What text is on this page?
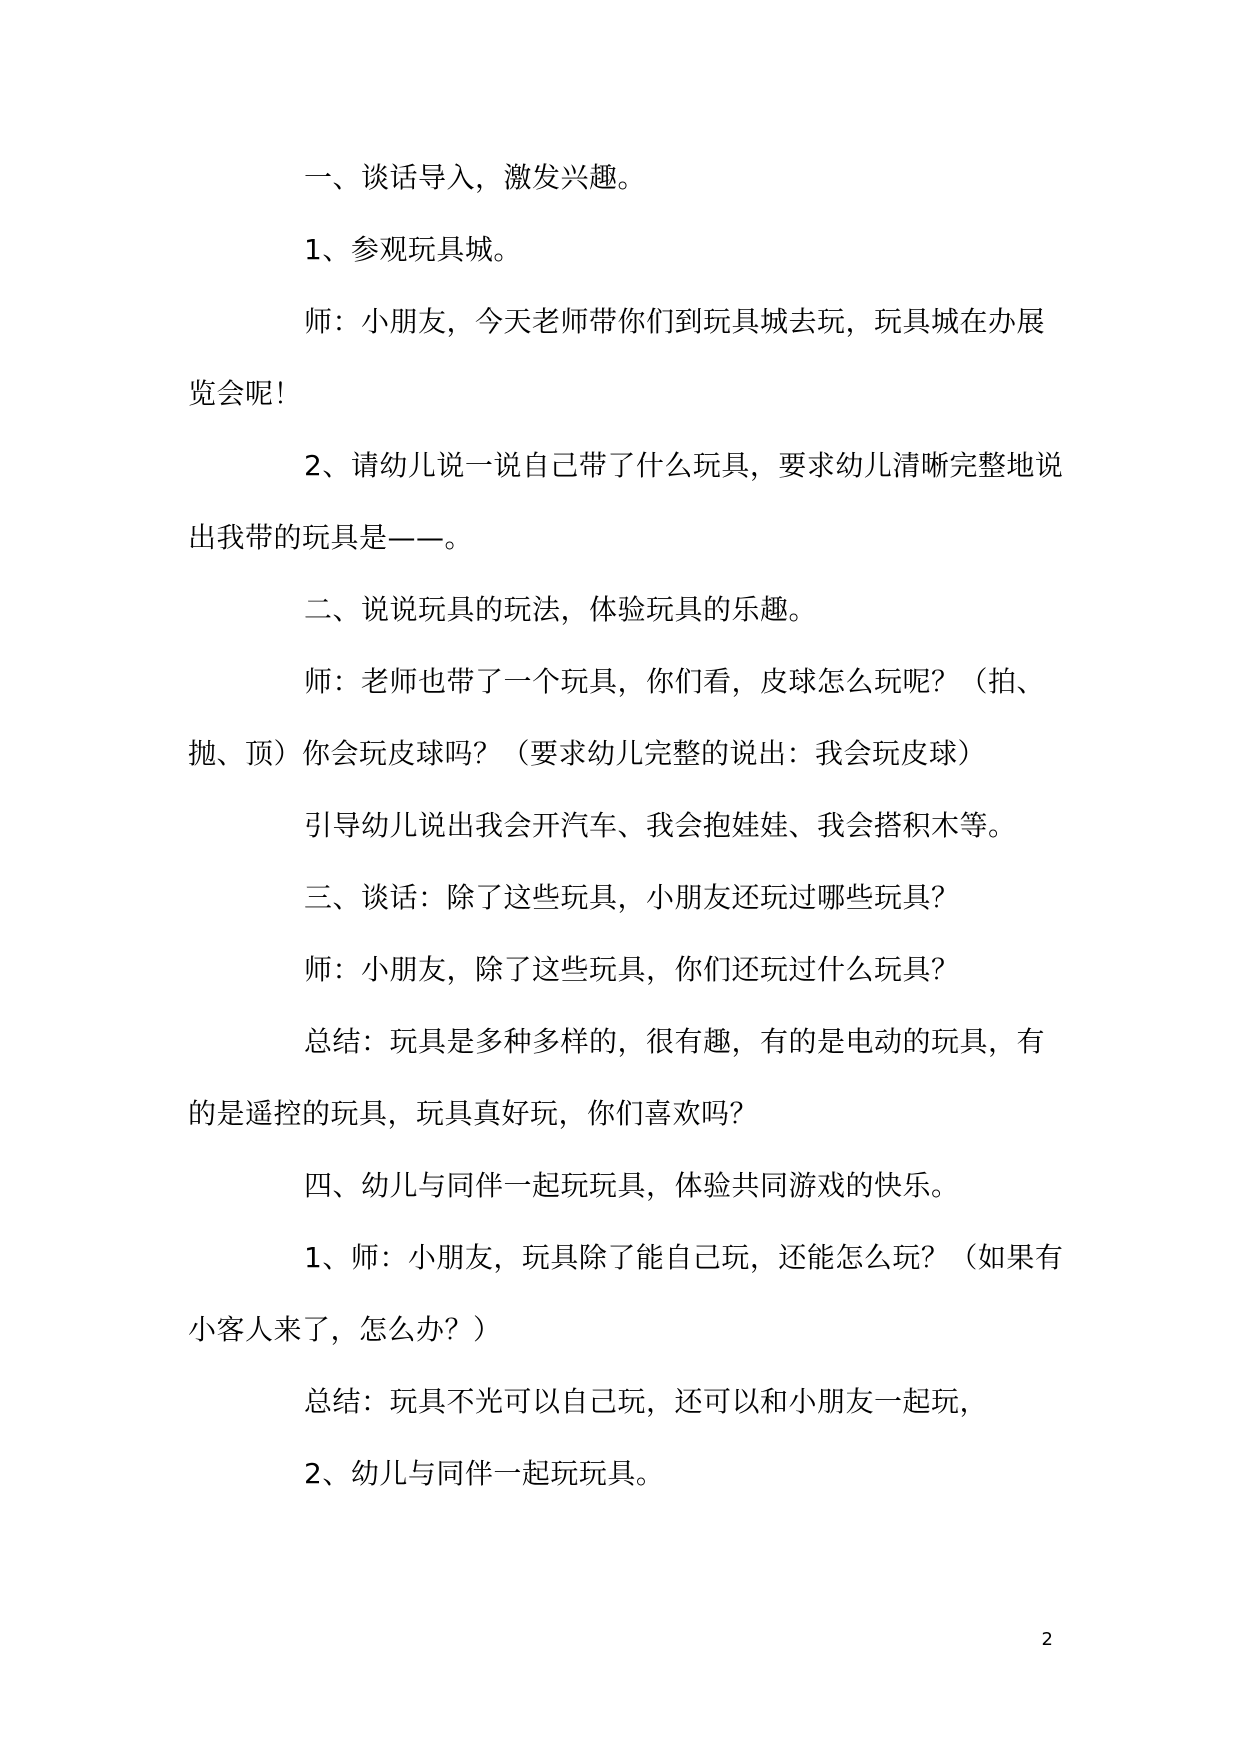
一、谈话导入，激发兴趣。

1、参观玩具城。

师：小朋友，今天老师带你们到玩具城去玩，玩具城在办展览会呢！

2、请幼儿说一说自己带了什么玩具，要求幼儿清晰完整地说出我带的玩具是——。

二、说说玩具的玩法，体验玩具的乐趣。

师：老师也带了一个玩具，你们看，皮球怎么玩呢？（拍、抛、顶）你会玩皮球吗？（要求幼儿完整的说出：我会玩皮球）

引导幼儿说出我会开汽车、我会抱娃娃、我会搭积木等。

三、谈话：除了这些玩具，小朋友还玩过哪些玩具？

师：小朋友，除了这些玩具，你们还玩过什么玩具？

总结：玩具是多种多样的，很有趣，有的是电动的玩具，有的是遥控的玩具，玩具真好玩，你们喜欢吗？

四、幼儿与同伴一起玩玩具，体验共同游戏的快乐。

1、师：小朋友，玩具除了能自己玩，还能怎么玩？（如果有小客人来了，怎么办？）

总结：玩具不光可以自己玩，还可以和小朋友一起玩，

2、幼儿与同伴一起玩玩具。

2
